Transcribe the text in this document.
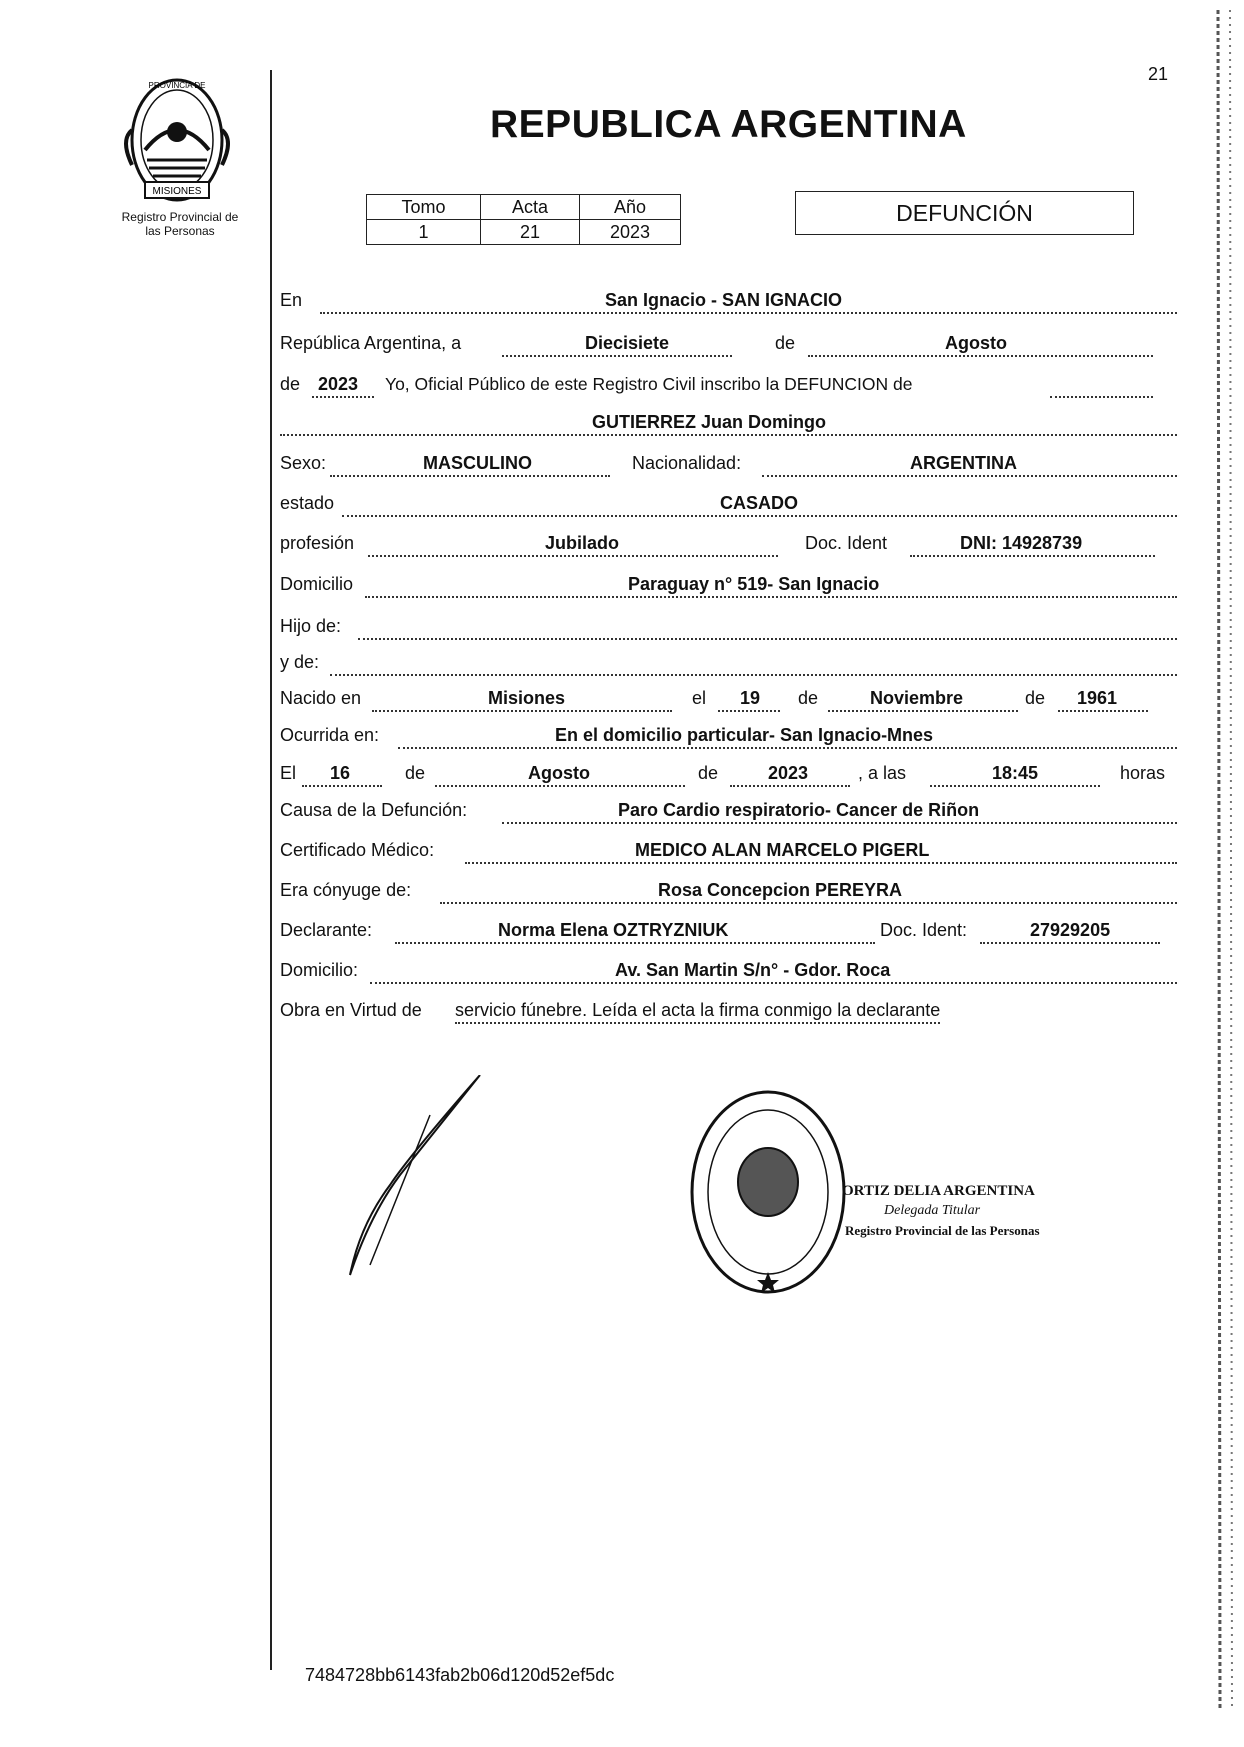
MISIONES
PROVINCIA DE
Registro Provincial de
las Personas
21
REPUBLICA ARGENTINA
Tomo	Acta	Año
1	21	2023
DEFUNCIÓN
En	San Ignacio - SAN IGNACIO
República Argentina, a	Diecisiete	de	Agosto
de 2023 Yo, Oficial Público de este Registro Civil inscribo la DEFUNCION de
GUTIERREZ Juan Domingo
Sexo:	MASCULINO	Nacionalidad:	ARGENTINA
estado	CASADO
profesión	Jubilado	Doc. Ident	DNI: 14928739
Domicilio	Paraguay n° 519- San Ignacio
Hijo de:
y de:
Nacido en	Misiones	el 19 de	Noviembre	de 1961
Ocurrida en:	En el domicilio particular- San Ignacio-Mnes
El 16	de	Agosto	de	2023	, a las	18:45	horas
Causa de la Defunción:	Paro Cardio respiratorio- Cancer de Riñon
Certificado Médico:	MEDICO ALAN MARCELO PIGERL
Era cónyuge de:	Rosa Concepcion PEREYRA
Declarante:	Norma Elena OZTRYZNIUK	Doc. Ident:	27929205
Domicilio:	Av. San Martin S/n° - Gdor. Roca
Obra en Virtud de servicio fúnebre. Leída el acta la firma conmigo la declarante
ORTIZ DELIA ARGENTINA
Delegada Titular
Registro Provincial de las Personas
7484728bb6143fab2b06d120d52ef5dc
